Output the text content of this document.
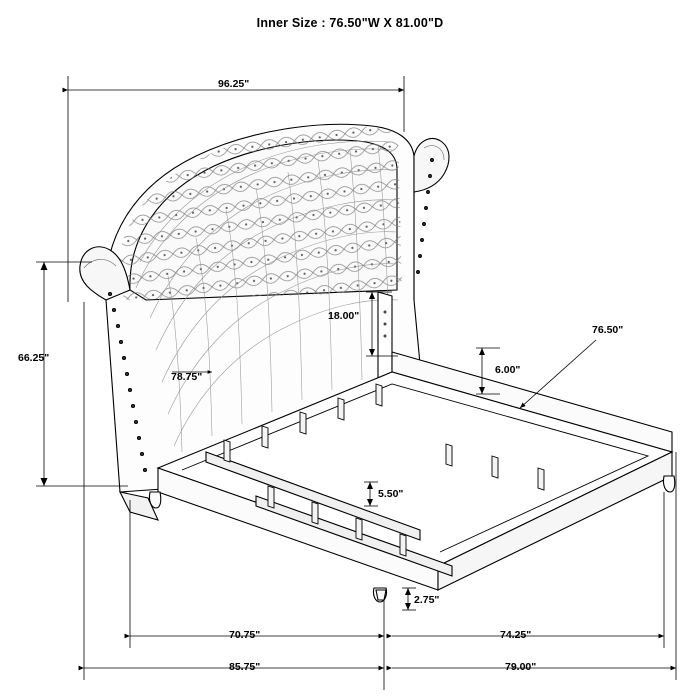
Inner Size : 76.50"W X 81.00"D
96.25"
66.25"
78.75"
18.00"
6.00"
76.50"
5.50"
2.75"
70.75"	74.25"
85.75"	79.00"
